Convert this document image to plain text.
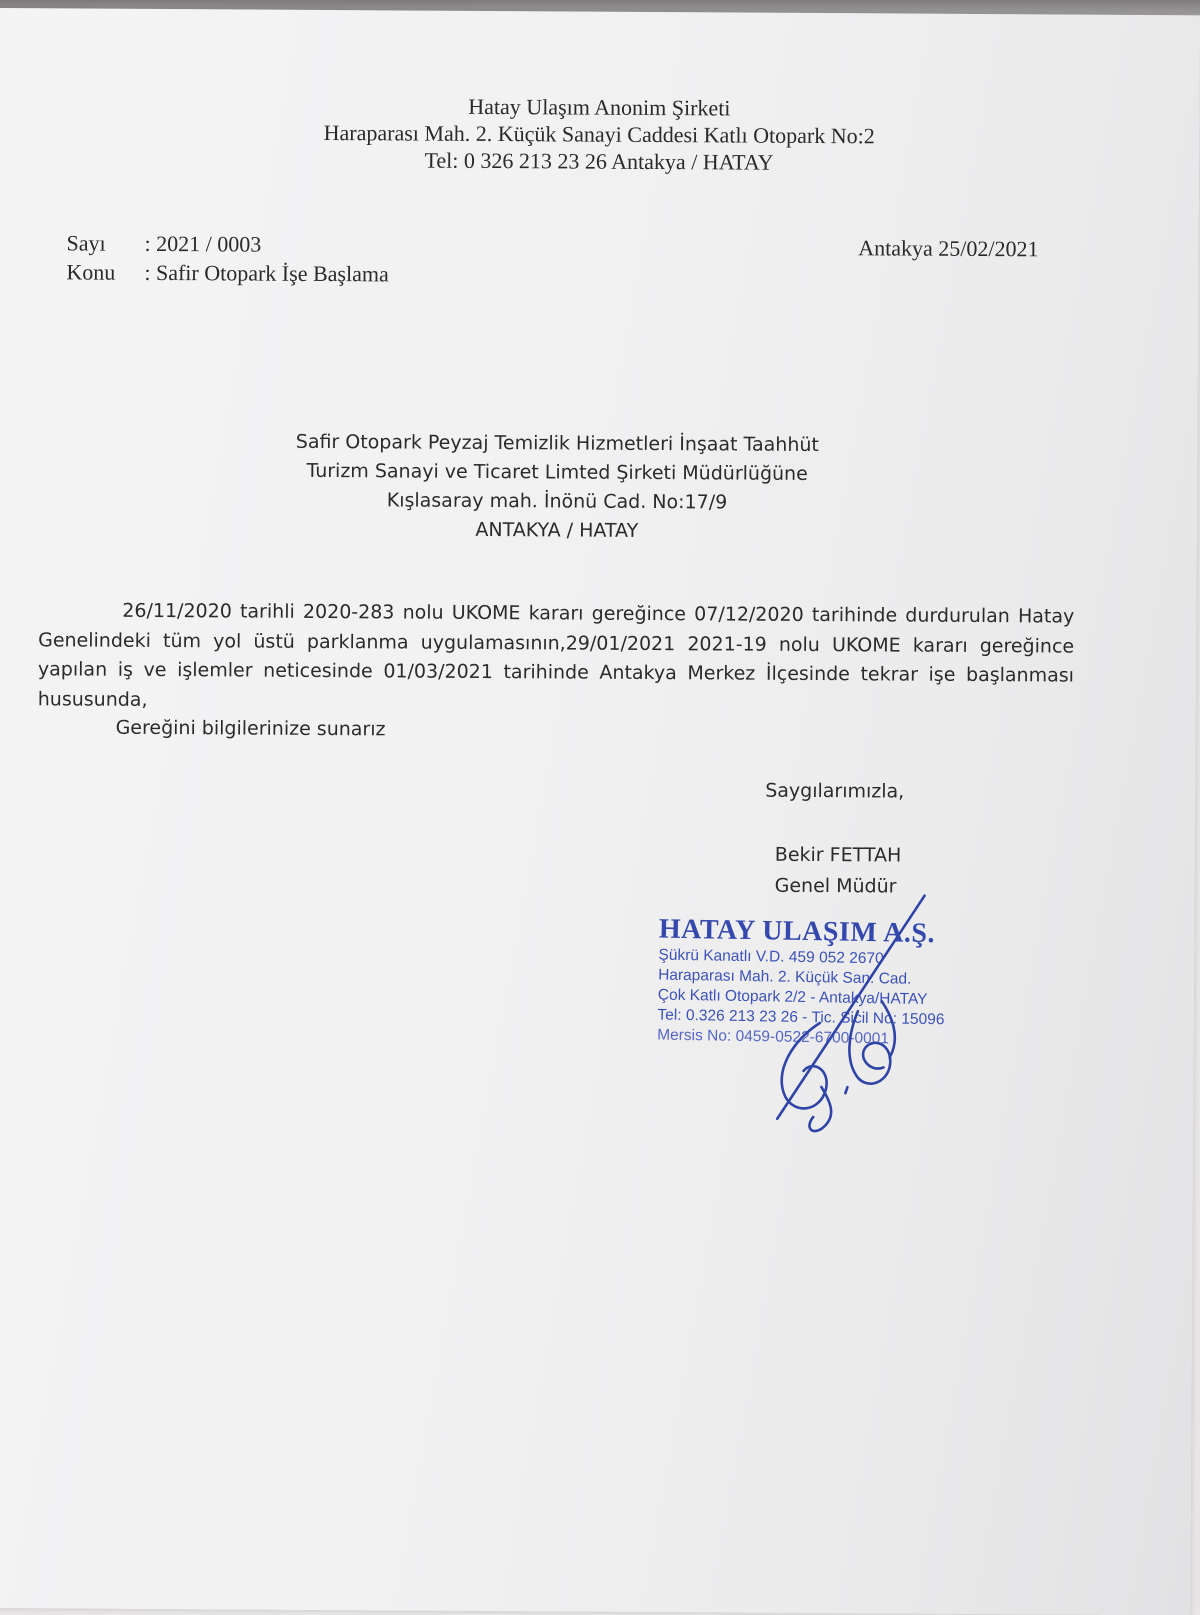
Hatay Ulaşım Anonim Şirketi
Haraparası Mah. 2. Küçük Sanayi Caddesi Katlı Otopark No:2
Tel: 0 326 213 23 26 Antakya / HATAY
Sayı : 2021 / 0003
Konu : Safir Otopark İşe Başlama
Antakya 25/02/2021
Safir Otopark Peyzaj Temizlik Hizmetleri İnşaat Taahhüt
Turizm Sanayi ve Ticaret Limted Şirketi Müdürlüğüne
Kışlasaray mah. İnönü Cad. No:17/9
ANTAKYA / HATAY
26/11/2020 tarihli 2020-283 nolu UKOME kararı gereğince 07/12/2020 tarihinde durdurulan Hatay Genelindeki tüm yol üstü parklanma uygulamasının,29/01/2021 2021-19 nolu UKOME kararı gereğince yapılan iş ve işlemler neticesinde 01/03/2021 tarihinde Antakya Merkez İlçesinde tekrar işe başlanması hususunda,
Gereğini bilgilerinize sunarız
Saygılarımızla,
Bekir FETTAH
Genel Müdür
HATAY ULAŞIM A.Ş.
Şükrü Kanatlı V.D. 459 052 2670
Haraparası Mah. 2. Küçük San. Cad.
Çok Katlı Otopark 2/2 - Antakya/HATAY
Tel: 0.326 213 23 26 - Tic. Sicil No: 15096
Mersis No: 0459-0522-6700-0001
